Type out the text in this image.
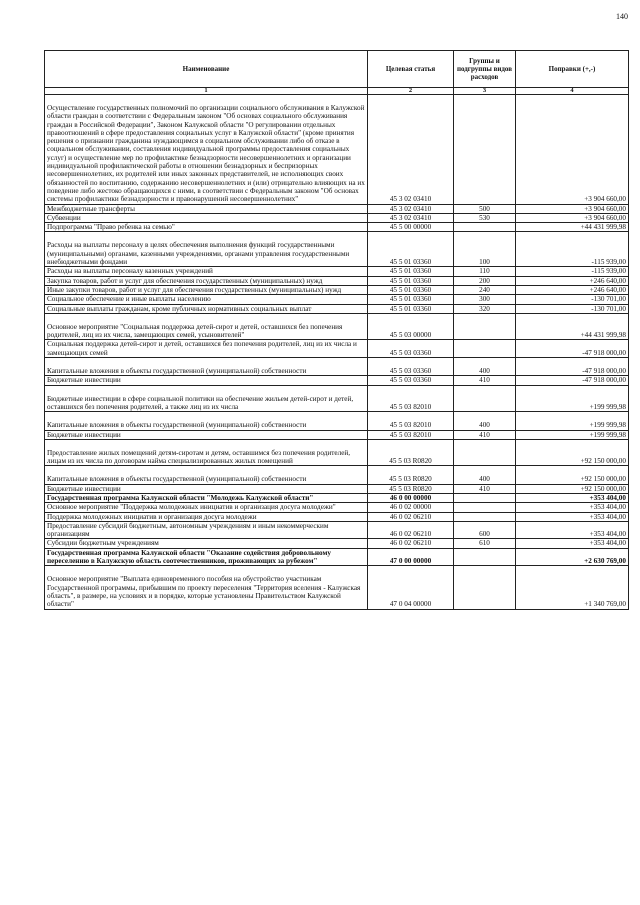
140
Наименование	Целевая статья	Группы и подгруппы видов расходов	Поправки (+,-)
1	2	3	4
Осуществление государственных полномочий по организации социального обслуживания в Калужской области граждан в соответствии с Федеральным законом "Об основах социального обслуживания граждан в Российской Федерации", Законом Калужской области "О регулировании отдельных правоотношений в сфере предоставления социальных услуг в Калужской области" (кроме принятия решения о признании гражданина нуждающимся в социальном обслуживании либо об отказе в социальном обслуживании, составления индивидуальной программы предоставления социальных услуг) и осуществление мер по профилактике безнадзорности несовершеннолетних и организации индивидуальной профилактической работы в отношении безнадзорных и беспризорных несовершеннолетних, их родителей или иных законных представителей, не исполняющих своих обязанностей по воспитанию, содержанию несовершеннолетних и (или) отрицательно влияющих на их поведение либо жестоко обращающихся с ними, в соответствии с Федеральным законом "Об основах системы профилактики безнадзорности и правонарушений несовершеннолетних"	45 3 02 03410		+3 904 660,00
Межбюджетные трансферты	45 3 02 03410	500	+3 904 660,00
Субвенции	45 3 02 03410	530	+3 904 660,00
Подпрограмма "Право ребенка на семью"	45 5 00 00000		+44 431 999,98
Расходы на выплаты персоналу в целях обеспечения выполнения функций государственными (муниципальными) органами, казенными учреждениями, органами управления государственными внебюджетными фондами	45 5 01 03360	100	-115 939,00
Расходы на выплаты персоналу казенных учреждений	45 5 01 03360	110	-115 939,00
Закупка товаров, работ и услуг для обеспечения государственных (муниципальных) нужд	45 5 01 03360	200	+246 640,00
Иные закупки товаров, работ и услуг для обеспечения государственных (муниципальных) нужд	45 5 01 03360	240	+246 640,00
Социальное обеспечение и иные выплаты населению	45 5 01 03360	300	-130 701,00
Социальные выплаты гражданам, кроме публичных нормативных социальных выплат	45 5 01 03360	320	-130 701,00
Основное мероприятие "Социальная поддержка детей-сирот и детей, оставшихся без попечения родителей, лиц из их числа, замещающих семей, усыновителей"	45 5 03 00000		+44 431 999,98
Социальная поддержка детей-сирот и детей, оставшихся без попечения родителей, лиц из их числа и замещающих семей	45 5 03 03360		-47 918 000,00
Капитальные вложения в объекты государственной (муниципальной) собственности	45 5 03 03360	400	-47 918 000,00
Бюджетные инвестиции	45 5 03 03360	410	-47 918 000,00
Бюджетные инвестиции в сфере социальной политики на обеспечение жильем детей-сирот и детей, оставшихся без попечения родителей, а также лиц из их числа	45 5 03 82010		+199 999,98
Капитальные вложения в объекты государственной (муниципальной) собственности	45 5 03 82010	400	+199 999,98
Бюджетные инвестиции	45 5 03 82010	410	+199 999,98
Предоставление жилых помещений детям-сиротам и детям, оставшимся без попечения родителей, лицам из их числа по договорам найма специализированных жилых помещений	45 5 03 R0820		+92 150 000,00
Капитальные вложения в объекты государственной (муниципальной) собственности	45 5 03 R0820	400	+92 150 000,00
Бюджетные инвестиции	45 5 03 R0820	410	+92 150 000,00
Государственная программа Калужской области "Молодежь Калужской области"	46 0 00 00000		+353 404,00
Основное мероприятие "Поддержка молодежных инициатив и организация досуга молодежи"	46 0 02 00000		+353 404,00
Поддержка молодежных инициатив и организация досуга молодежи	46 0 02 06210		+353 404,00
Предоставление субсидий бюджетным, автономным учреждениям и иным некоммерческим организациям	46 0 02 06210	600	+353 404,00
Субсидии бюджетным учреждениям	46 0 02 06210	610	+353 404,00
Государственная программа Калужской области "Оказание содействия добровольному переселению в Калужскую область соотечественников, проживающих за рубежом"	47 0 00 00000		+2 630 769,00
Основное мероприятие "Выплата единовременного пособия на обустройство участникам Государственной программы, прибывшим по проекту переселения "Территория вселения - Калужская область", в размере, на условиях и в порядке, которые установлены Правительством Калужской области"	47 0 04 00000		+1 340 769,00
